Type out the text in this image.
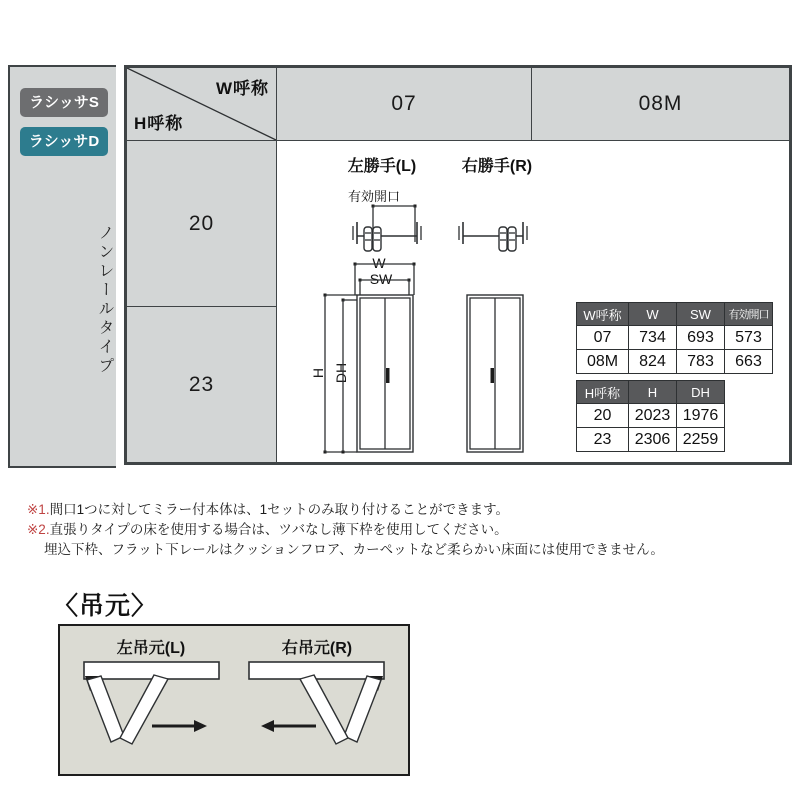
ラシッサS
ラシッサD
ノンレールタイプ
W呼称
H呼称
07	08M
20
23
左勝手(L)	右勝手(R)
有効開口
W
SW
H DH
W呼称	W	SW	有効開口
07	734	693	573
08M	824	783	663
H呼称	H	DH
20	2023	1976
23	2306	2259
※1.間口1つに対してミラー付本体は、1セットのみ取り付けることができます。
※2.直張りタイプの床を使用する場合は、ツバなし薄下枠を使用してください。
埋込下枠、フラット下レールはクッションフロア、カーペットなど柔らかい床面には使用できません。
〈吊元〉
左吊元(L)	右吊元(R)
